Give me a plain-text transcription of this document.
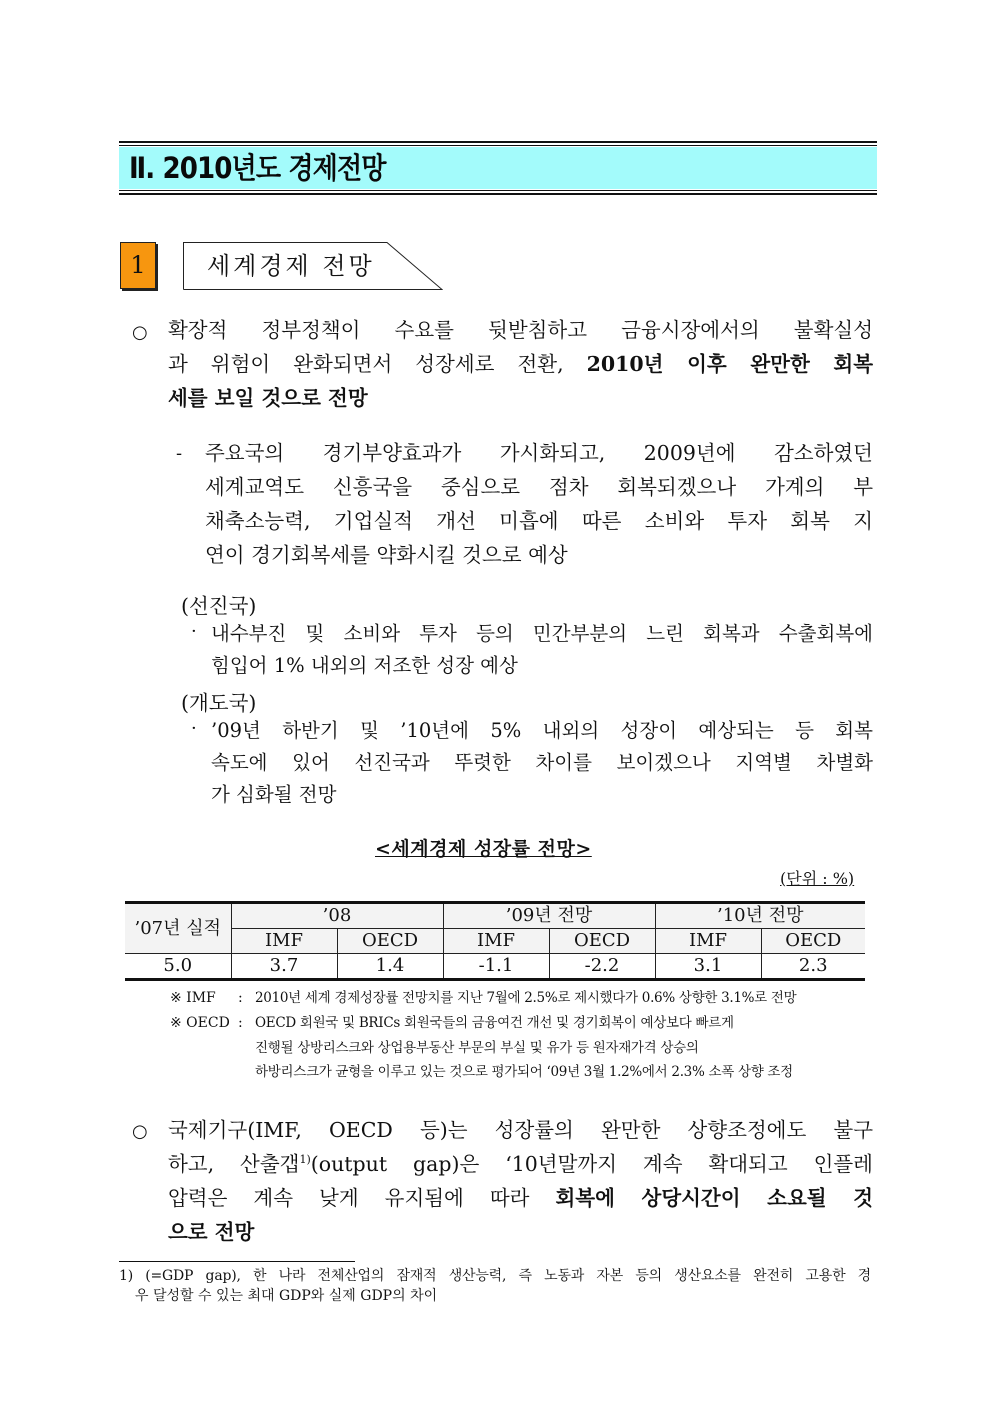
Ⅱ. 2010년도 경제전망
1	세계경제 전망
○ 확장적 정부정책이 수요를 뒷받침하고 금융시장에서의 불확실성
과 위험이 완화되면서 성장세로 전환, 2010년 이후 완만한 회복
세를 보일 것으로 전망
- 주요국의 경기부양효과가 가시화되고, 2009년에 감소하였던
세계교역도 신흥국을 중심으로 점차 회복되겠으나 가계의 부
채축소능력, 기업실적 개선 미흡에 따른 소비와 투자 회복 지
연이 경기회복세를 약화시킬 것으로 예상
(선진국)
· 내수부진 및 소비와 투자 등의 민간부분의 느린 회복과 수출회복에
힘입어 1% 내외의 저조한 성장 예상
(개도국)
· ’09년 하반기 및 ’10년에 5% 내외의 성장이 예상되는 등 회복
속도에 있어 선진국과 뚜렷한 차이를 보이겠으나 지역별 차별화
가 심화될 전망
<세계경제 성장률 전망>
(단위 : %)
’07년 실적	’08		’09년 전망		’10년 전망	
	IMF	OECD	IMF	OECD	IMF	OECD
5.0	3.7	1.4	-1.1	-2.2	3.1	2.3
※ IMF : 2010년 세계 경제성장률 전망치를 지난 7월에 2.5%로 제시했다가 0.6% 상향한 3.1%로 전망
※ OECD : OECD 회원국 및 BRICs 회원국들의 금융여건 개선 및 경기회복이 예상보다 빠르게
진행될 상방리스크와 상업용부동산 부문의 부실 및 유가 등 원자재가격 상승의
하방리스크가 균형을 이루고 있는 것으로 평가되어 ‘09년 3월 1.2%에서 2.3% 소폭 상향 조정
○ 국제기구(IMF, OECD 등)는 성장률의 완만한 상향조정에도 불구
하고, 산출갭$^{1)}$(output gap)은 ‘10년말까지 계속 확대되고 인플레
압력은 계속 낮게 유지됨에 따라 회복에 상당시간이 소요될 것
으로 전망
1) (=GDP gap), 한 나라 전체산업의 잠재적 생산능력, 즉 노동과 자본 등의 생산요소를 완전히 고용한 경
우 달성할 수 있는 최대 GDP와 실제 GDP의 차이
